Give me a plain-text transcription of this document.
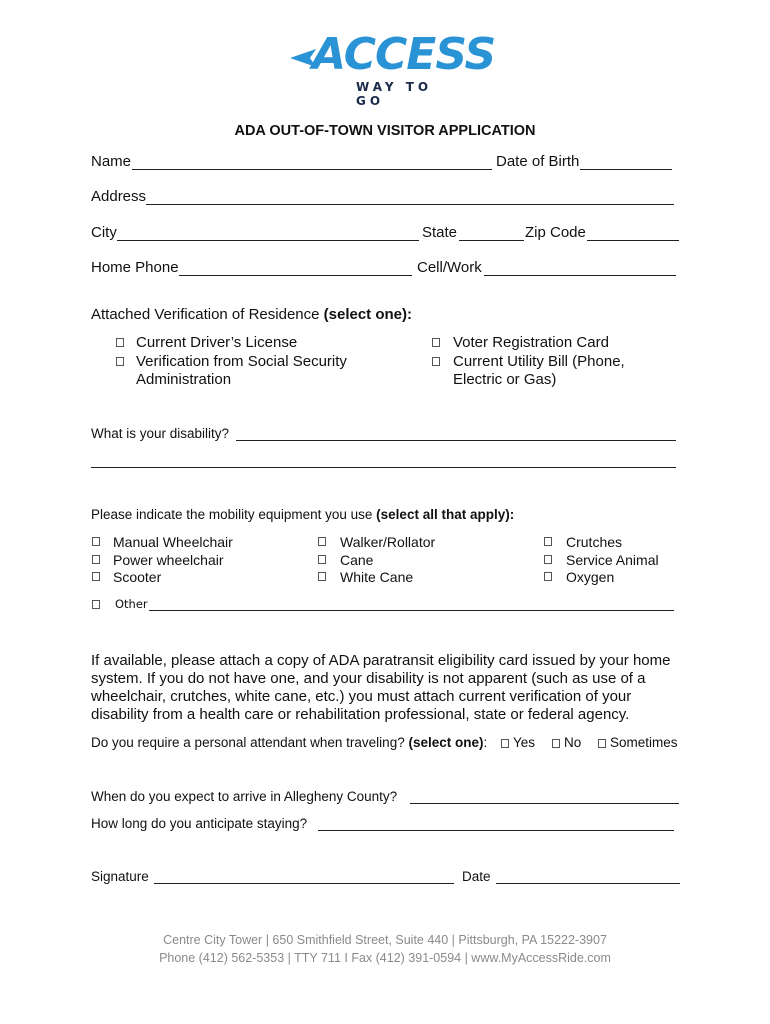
ACCESS
WAY TO GO
ADA OUT-OF-TOWN VISITOR APPLICATION
Name	Date of Birth
Address
City	State	Zip Code
Home Phone	Cell/Work
Attached Verification of Residence (select one):
Current Driver’s License
Verification from Social Security
Administration
Voter Registration Card
Current Utility Bill (Phone,
Electric or Gas)
What is your disability?
Please indicate the mobility equipment you use (select all that apply):
Manual Wheelchair
Power wheelchair
Scooter
Walker/Rollator
Cane
White Cane
Crutches
Service Animal
Oxygen
Other
If available, please attach a copy of ADA paratransit eligibility card issued by your home system. If you do not have one, and your disability is not apparent (such as use of a wheelchair, crutches, white cane, etc.) you must attach current verification of your disability from a health care or rehabilitation professional, state or federal agency.
Do you require a personal attendant when traveling? (select one): Yes No Sometimes
When do you expect to arrive in Allegheny County?
How long do you anticipate staying?
Signature	Date
Centre City Tower | 650 Smithfield Street, Suite 440 | Pittsburgh, PA 15222-3907
Phone (412) 562-5353 | TTY 711 I Fax (412) 391-0594 | www.MyAccessRide.com
